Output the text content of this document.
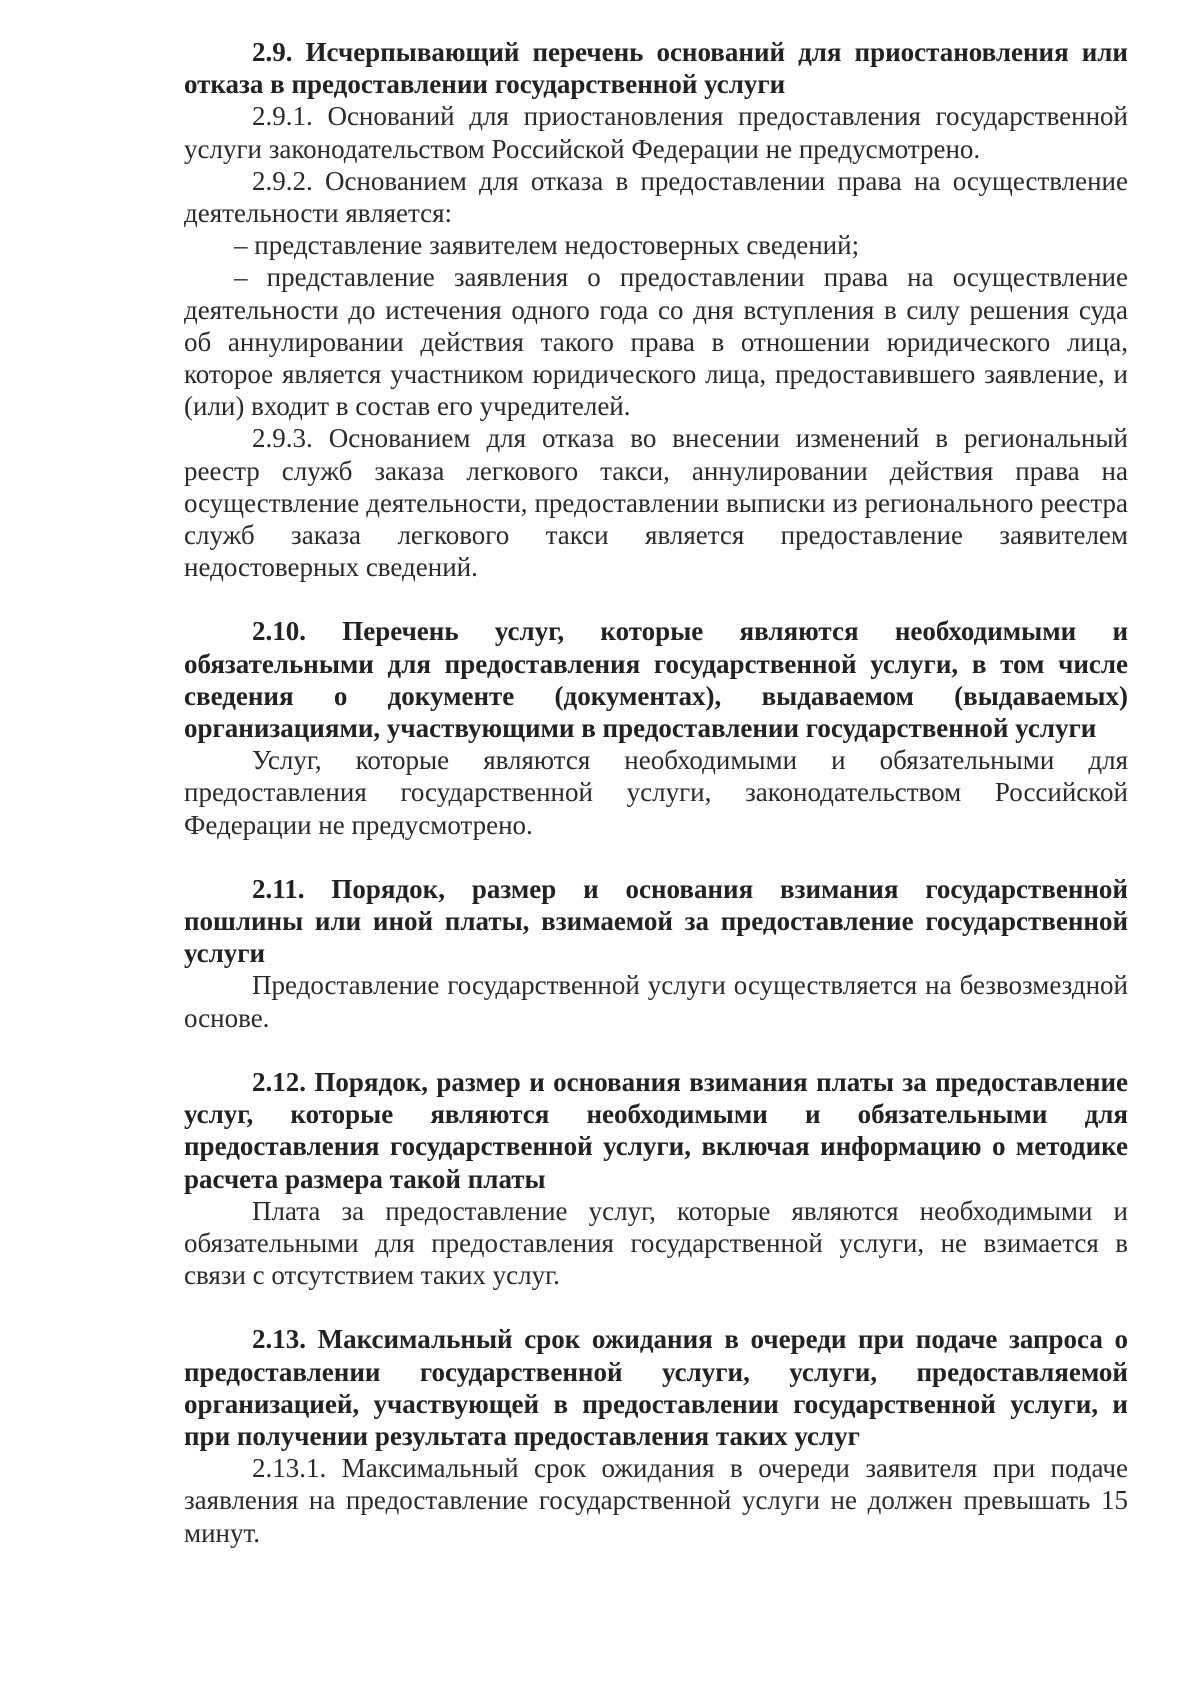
2.9. Исчерпывающий перечень оснований для приостановления или отказа в предоставлении государственной услуги

2.9.1. Оснований для приостановления предоставления государственной услуги законодательством Российской Федерации не предусмотрено.

2.9.2. Основанием для отказа в предоставлении права на осуществление деятельности является:

– представление заявителем недостоверных сведений;

– представление заявления о предоставлении права на осуществление деятельности до истечения одного года со дня вступления в силу решения суда об аннулировании действия такого права в отношении юридического лица, которое является участником юридического лица, предоставившего заявление, и (или) входит в состав его учредителей.

2.9.3. Основанием для отказа во внесении изменений в региональный реестр служб заказа легкового такси, аннулировании действия права на осуществление деятельности, предоставлении выписки из регионального реестра служб заказа легкового такси является предоставление заявителем недостоверных сведений.

2.10. Перечень услуг, которые являются необходимыми и обязательными для предоставления государственной услуги, в том числе сведения о документе (документах), выдаваемом (выдаваемых) организациями, участвующими в предоставлении государственной услуги

Услуг, которые являются необходимыми и обязательными для предоставления государственной услуги, законодательством Российской Федерации не предусмотрено.

2.11. Порядок, размер и основания взимания государственной пошлины или иной платы, взимаемой за предоставление государственной услуги

Предоставление государственной услуги осуществляется на безвозмездной основе.

2.12. Порядок, размер и основания взимания платы за предоставление услуг, которые являются необходимыми и обязательными для предоставления государственной услуги, включая информацию о методике расчета размера такой платы

Плата за предоставление услуг, которые являются необходимыми и обязательными для предоставления государственной услуги, не взимается в связи с отсутствием таких услуг.

2.13. Максимальный срок ожидания в очереди при подаче запроса о предоставлении государственной услуги, услуги, предоставляемой организацией, участвующей в предоставлении государственной услуги, и при получении результата предоставления таких услуг

2.13.1. Максимальный срок ожидания в очереди заявителя при подаче заявления на предоставление государственной услуги не должен превышать 15 минут.
